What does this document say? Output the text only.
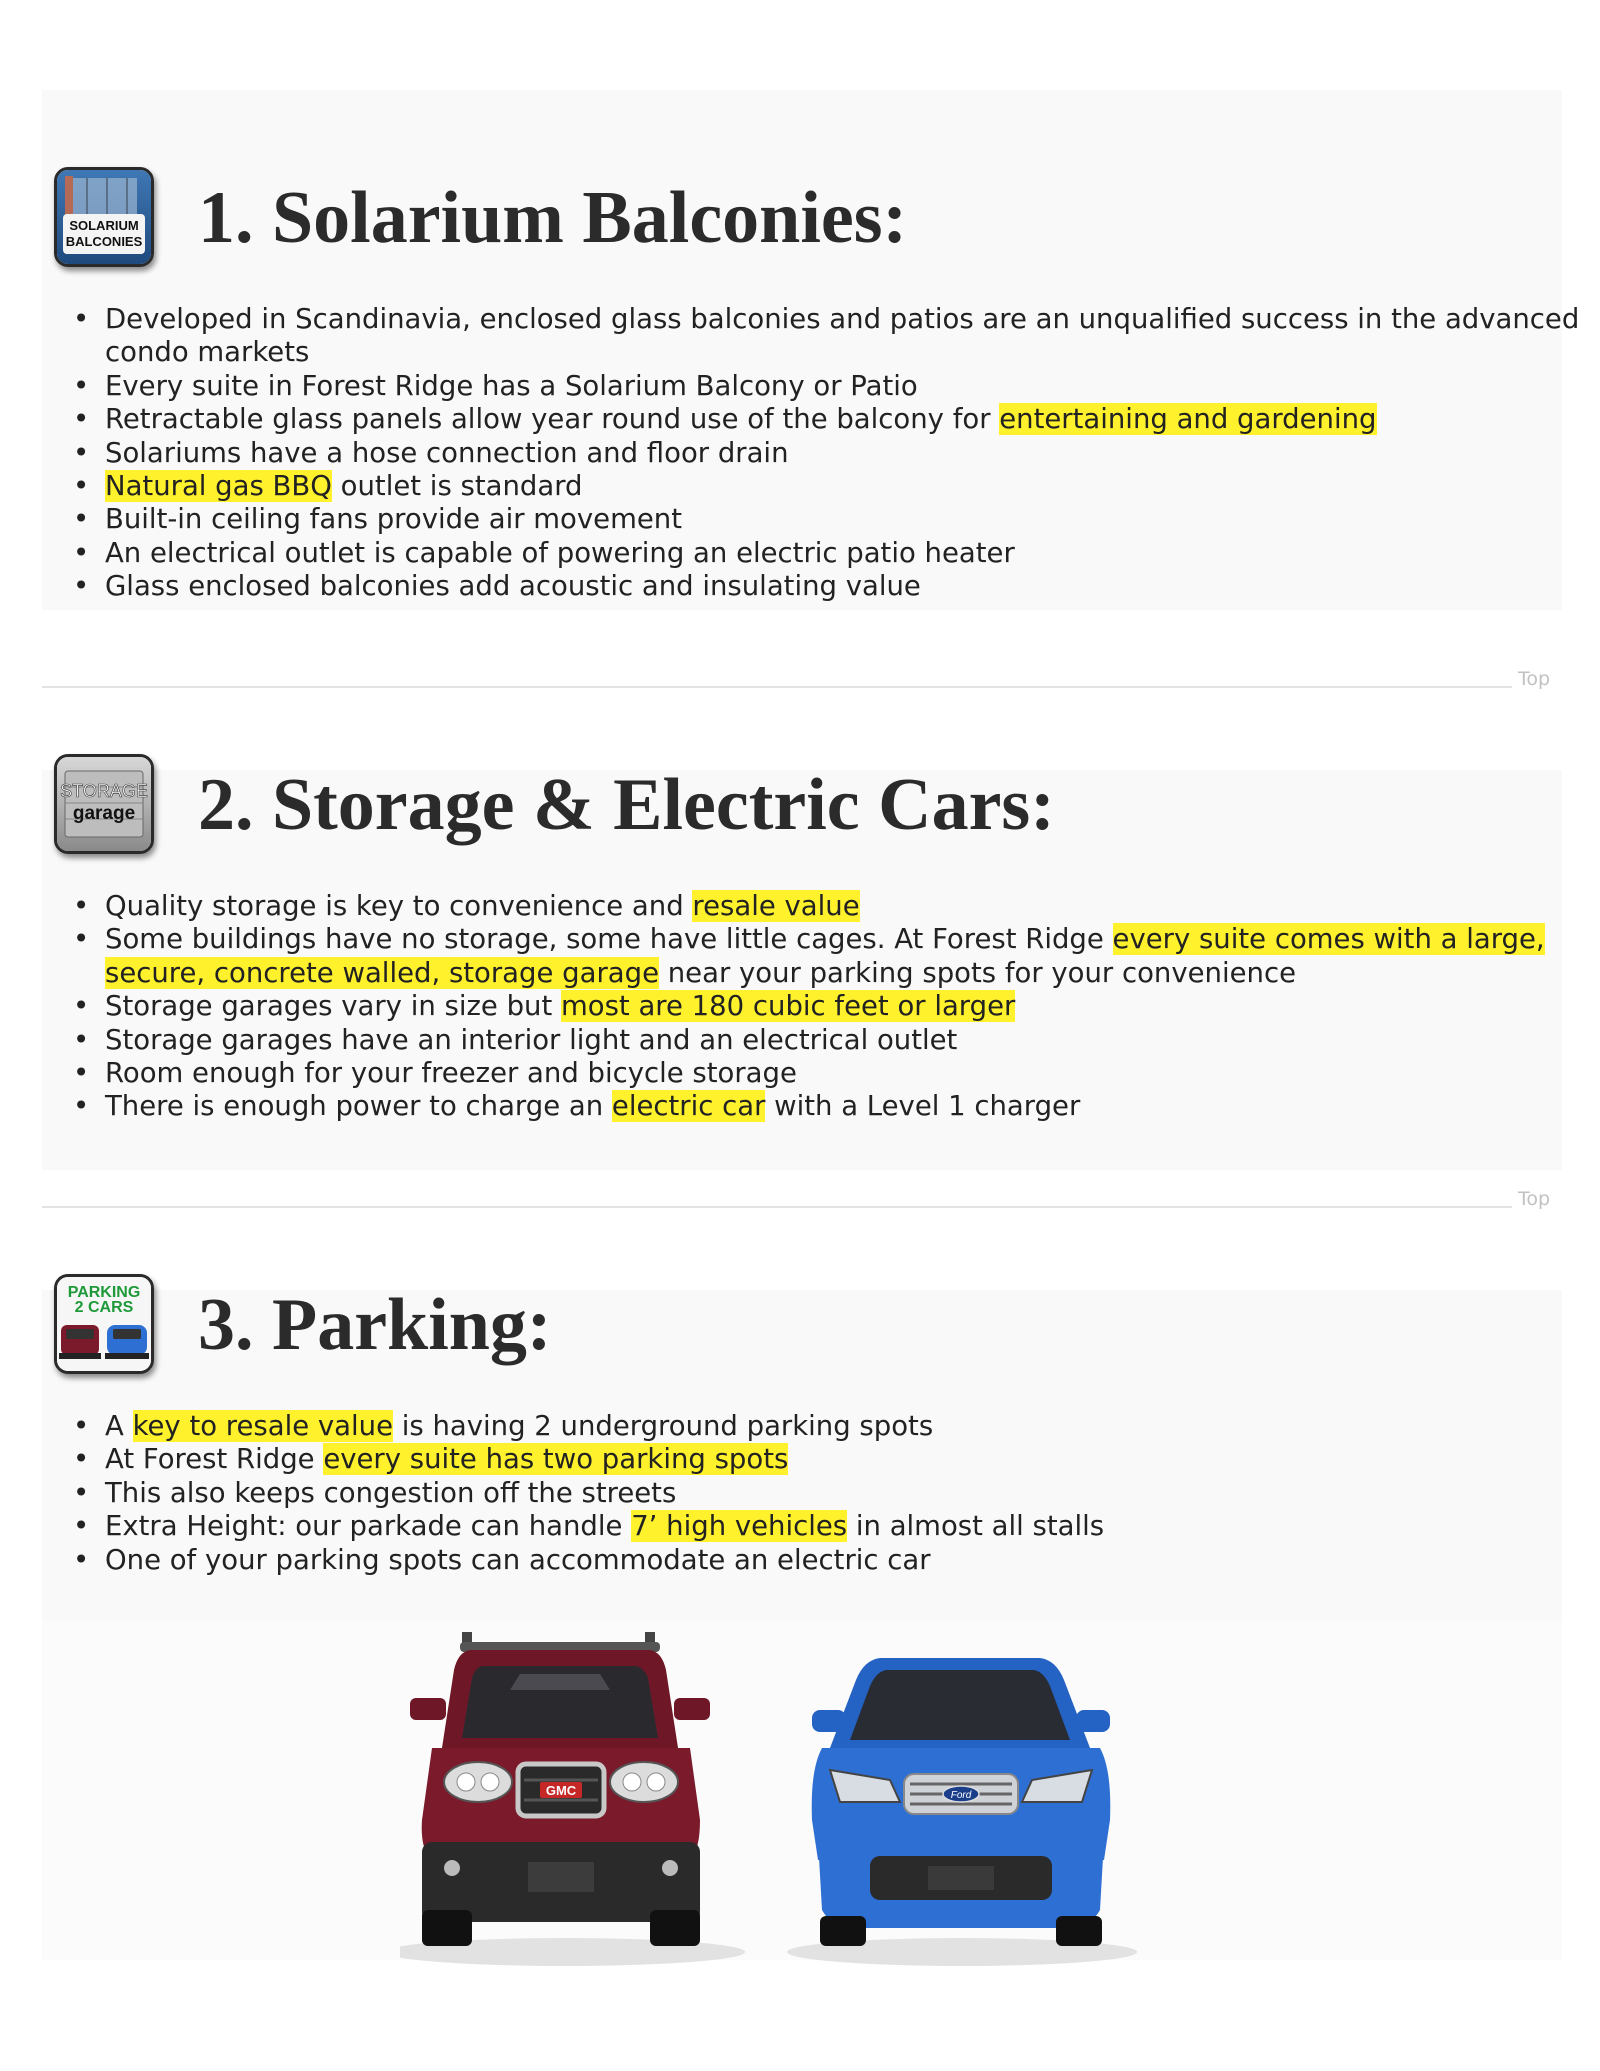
SOLARIUM
BALCONIES 1. Solarium Balconies:
• Developed in Scandinavia, enclosed glass balconies and patios are an unqualified success in the advanced condo markets
• Every suite in Forest Ridge has a Solarium Balcony or Patio
• Retractable glass panels allow year round use of the balcony for entertaining and gardening
• Solariums have a hose connection and floor drain
• Natural gas BBQ outlet is standard
• Built-in ceiling fans provide air movement
• An electrical outlet is capable of powering an electric patio heater
• Glass enclosed balconies add acoustic and insulating value
Top
STORAGE
garage 2. Storage & Electric Cars:
• Quality storage is key to convenience and resale value
• Some buildings have no storage, some have little cages. At Forest Ridge every suite comes with a large, secure, concrete walled, storage garage near your parking spots for your convenience
• Storage garages vary in size but most are 180 cubic feet or larger
• Storage garages have an interior light and an electrical outlet
• Room enough for your freezer and bicycle storage
• There is enough power to charge an electric car with a Level 1 charger
Top
PARKING
2 CARS 3. Parking:
• A key to resale value is having 2 underground parking spots
• At Forest Ridge every suite has two parking spots
• This also keeps congestion off the streets
• Extra Height: our parkade can handle 7’ high vehicles in almost all stalls
• One of your parking spots can accommodate an electric car
GMC	Ford
